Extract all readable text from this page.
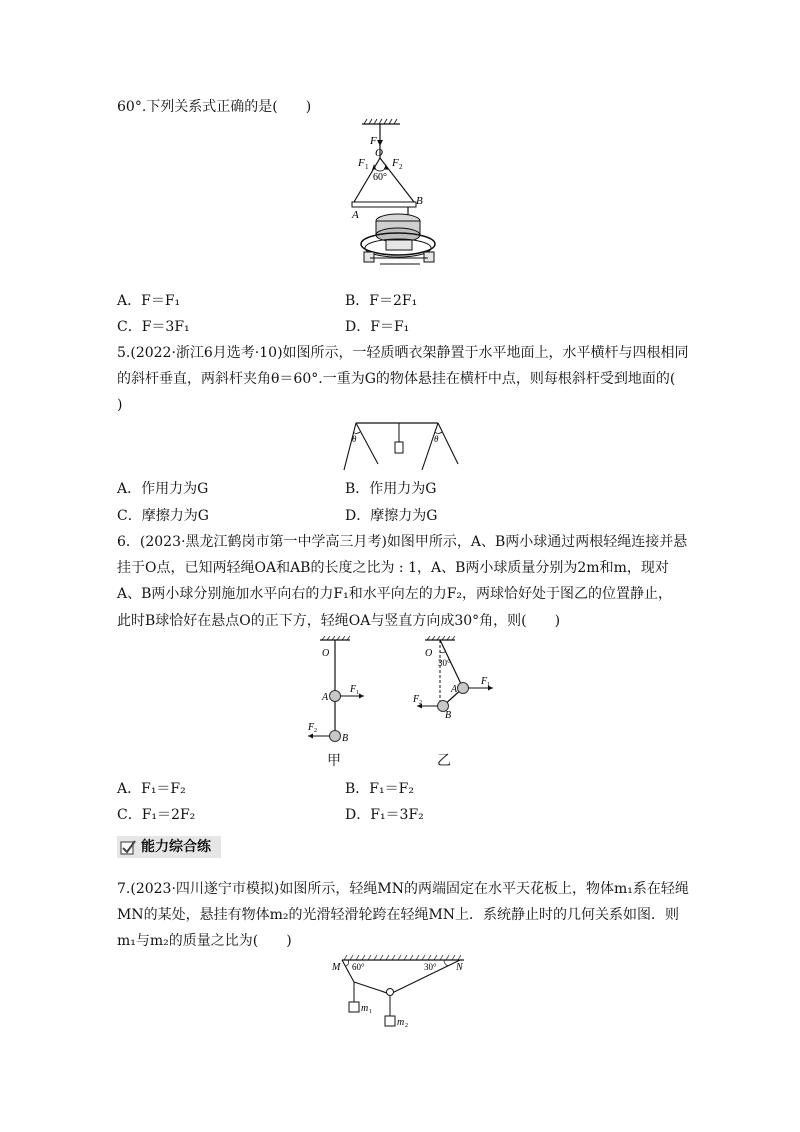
60°.下列关系式正确的是(　　)
F
O
F 1 F 2
60°
A
B
A．F＝F₁	B．F＝2F₁
C．F＝3F₁	D．F＝F₁
5.(2022·浙江6月选考·10)如图所示，一轻质晒衣架静置于水平地面上，水平横杆与四根相同
的斜杆垂直，两斜杆夹角θ＝60°.一重为G的物体悬挂在横杆中点，则每根斜杆受到地面的(
)
θ	θ
A．作用力为G	B．作用力为G
C．摩擦力为G	D．摩擦力为G
6．(2023·黑龙江鹤岗市第一中学高三月考)如图甲所示，A、B两小球通过两根轻绳连接并悬
挂于O点，已知两轻绳OA和AB的长度之比为 : 1，A、B两小球质量分别为2m和m，现对
A、B两小球分别施加水平向右的力F₁和水平向左的力F₂，两球恰好处于图乙的位置静止，
此时B球恰好在悬点O的正下方，轻绳OA与竖直方向成30°角，则(　　)
O
A
B
F 1
F 2
甲
O
30°
A
B
F 1
F 2
乙
A．F₁＝F₂	B．F₁＝F₂
C．F₁＝2F₂	D．F₁＝3F₂
能力综合练
7.(2023·四川遂宁市模拟)如图所示，轻绳MN的两端固定在水平天花板上，物体m₁系在轻绳
MN的某处，悬挂有物体m₂的光滑轻滑轮跨在轻绳MN上．系统静止时的几何关系如图．则
m₁与m₂的质量之比为(　　)
M 60°	30° N
m 1
m 2
